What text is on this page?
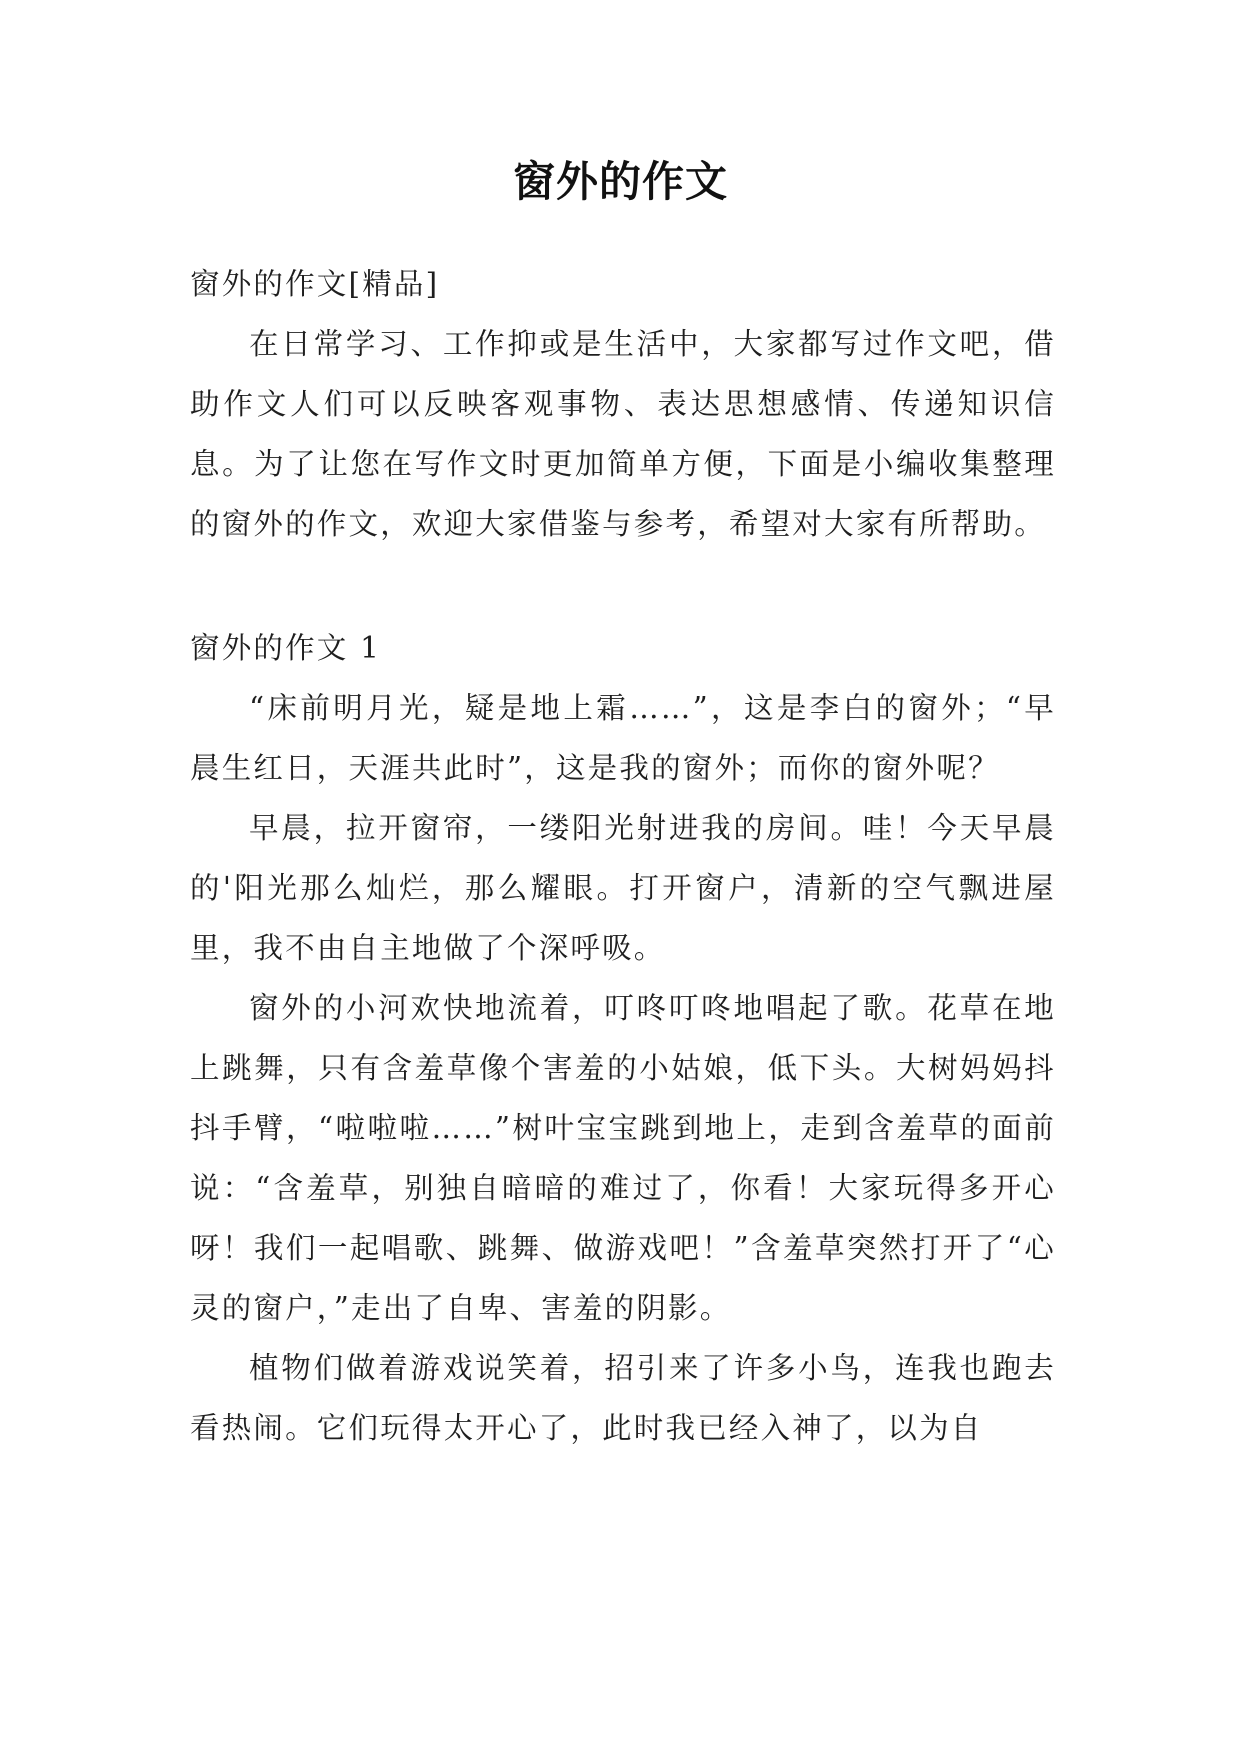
窗外的作文

窗外的作文[精品]

在日常学习、工作抑或是生活中，大家都写过作文吧，借助作文人们可以反映客观事物、表达思想感情、传递知识信息。为了让您在写作文时更加简单方便，下面是小编收集整理的窗外的作文，欢迎大家借鉴与参考，希望对大家有所帮助。

窗外的作文 1

“床前明月光，疑是地上霜……”，这是李白的窗外；“早晨生红日，天涯共此时”，这是我的窗外；而你的窗外呢？

早晨，拉开窗帘，一缕阳光射进我的房间。哇！今天早晨的'阳光那么灿烂，那么耀眼。打开窗户，清新的空气飘进屋里，我不由自主地做了个深呼吸。

窗外的小河欢快地流着，叮咚叮咚地唱起了歌。花草在地上跳舞，只有含羞草像个害羞的小姑娘，低下头。大树妈妈抖抖手臂，“啦啦啦……”树叶宝宝跳到地上，走到含羞草的面前说：“含羞草，别独自暗暗的难过了，你看！大家玩得多开心呀！我们一起唱歌、跳舞、做游戏吧！”含羞草突然打开了“心灵的窗户，”走出了自卑、害羞的阴影。

植物们做着游戏说笑着，招引来了许多小鸟，连我也跑去看热闹。它们玩得太开心了，此时我已经入神了，以为自
